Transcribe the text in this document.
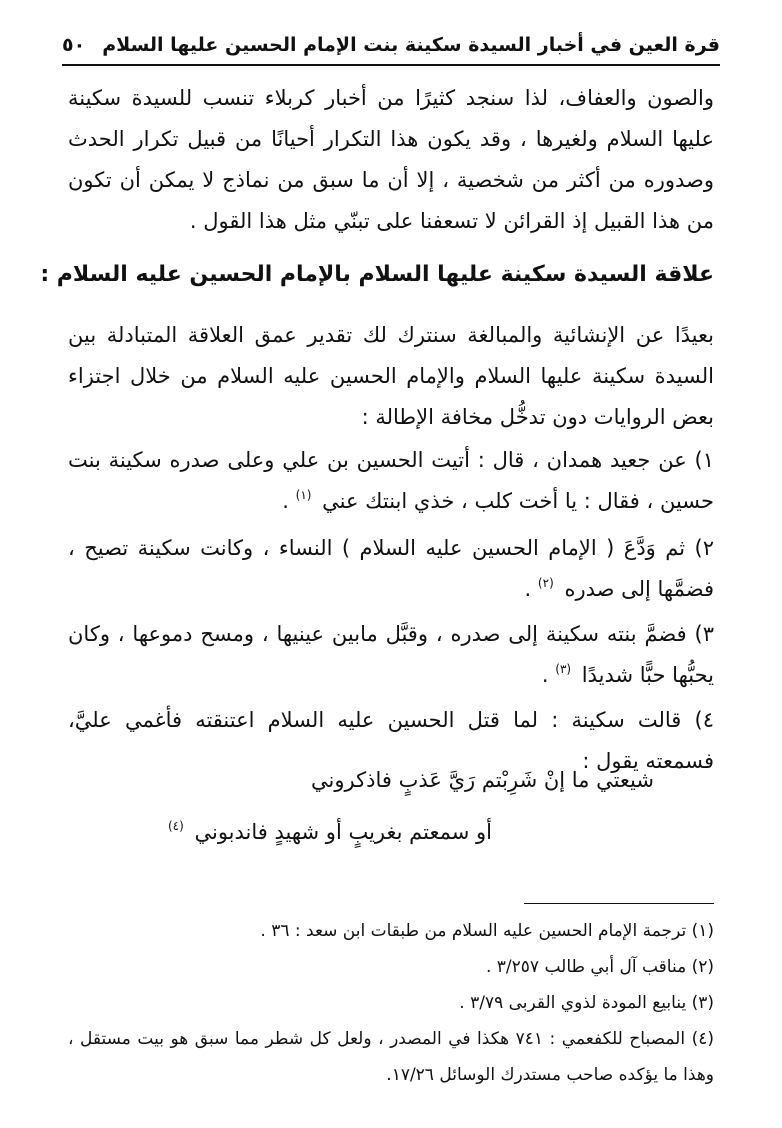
قرة العين في أخبار السيدة سكينة بنت الإمام الحسين عليها السلام
٥٠
والصون والعفاف، لذا سنجد كثيرًا من أخبار كربلاء تنسب للسيدة سكينة عليها السلام ولغيرها ، وقد يكون هذا التكرار أحيانًا من قبيل تكرار الحدث وصدوره من أكثر من شخصية ، إلا أن ما سبق من نماذج لا يمكن أن تكون من هذا القبيل إذ القرائن لا تسعفنا على تبنّي مثل هذا القول .
علاقة السيدة سكينة عليها السلام بالإمام الحسين عليه السلام :
بعيدًا عن الإنشائية والمبالغة سنترك لك تقدير عمق العلاقة المتبادلة بين السيدة سكينة عليها السلام والإمام الحسين عليه السلام من خلال اجتزاء بعض الروايات دون تدخُّل مخافة الإطالة :
١) عن جعيد همدان ، قال : أتيت الحسين بن علي وعلى صدره سكينة بنت حسين ، فقال : يا أخت كلب ، خذي ابنتك عني $^{(١)}$ .
٢) ثم وَدَّعَ ( الإمام الحسين عليه السلام ) النساء ، وكانت سكينة تصيح ، فضمَّها إلى صدره $^{(٢)}$ .
٣) فضمَّ بنته سكينة إلى صدره ، وقبَّل مابين عينيها ، ومسح دموعها ، وكان يحبُّها حبًّا شديدًا $^{(٣)}$ .
٤) قالت سكينة : لما قتل الحسين عليه السلام اعتنقته فأغمي عليَّ، فسمعته يقول :
شيعتي ما إنْ شَرِبْتم رَيَّ عَذبٍ فاذكروني
أو سمعتم بغريبٍ أو شهيدٍ فاندبوني $^{(٤)}$
(١) ترجمة الإمام الحسين عليه السلام من طبقات ابن سعد : ٣٦ .
(٢) مناقب آل أبي طالب ٣/٢٥٧ .
(٣) ينابيع المودة لذوي القربى ٣/٧٩ .
(٤) المصباح للكفعمي : ٧٤١ هكذا في المصدر ، ولعل كل شطر مما سبق هو بيت مستقل ، وهذا ما يؤكده صاحب مستدرك الوسائل ١٧/٢٦.
